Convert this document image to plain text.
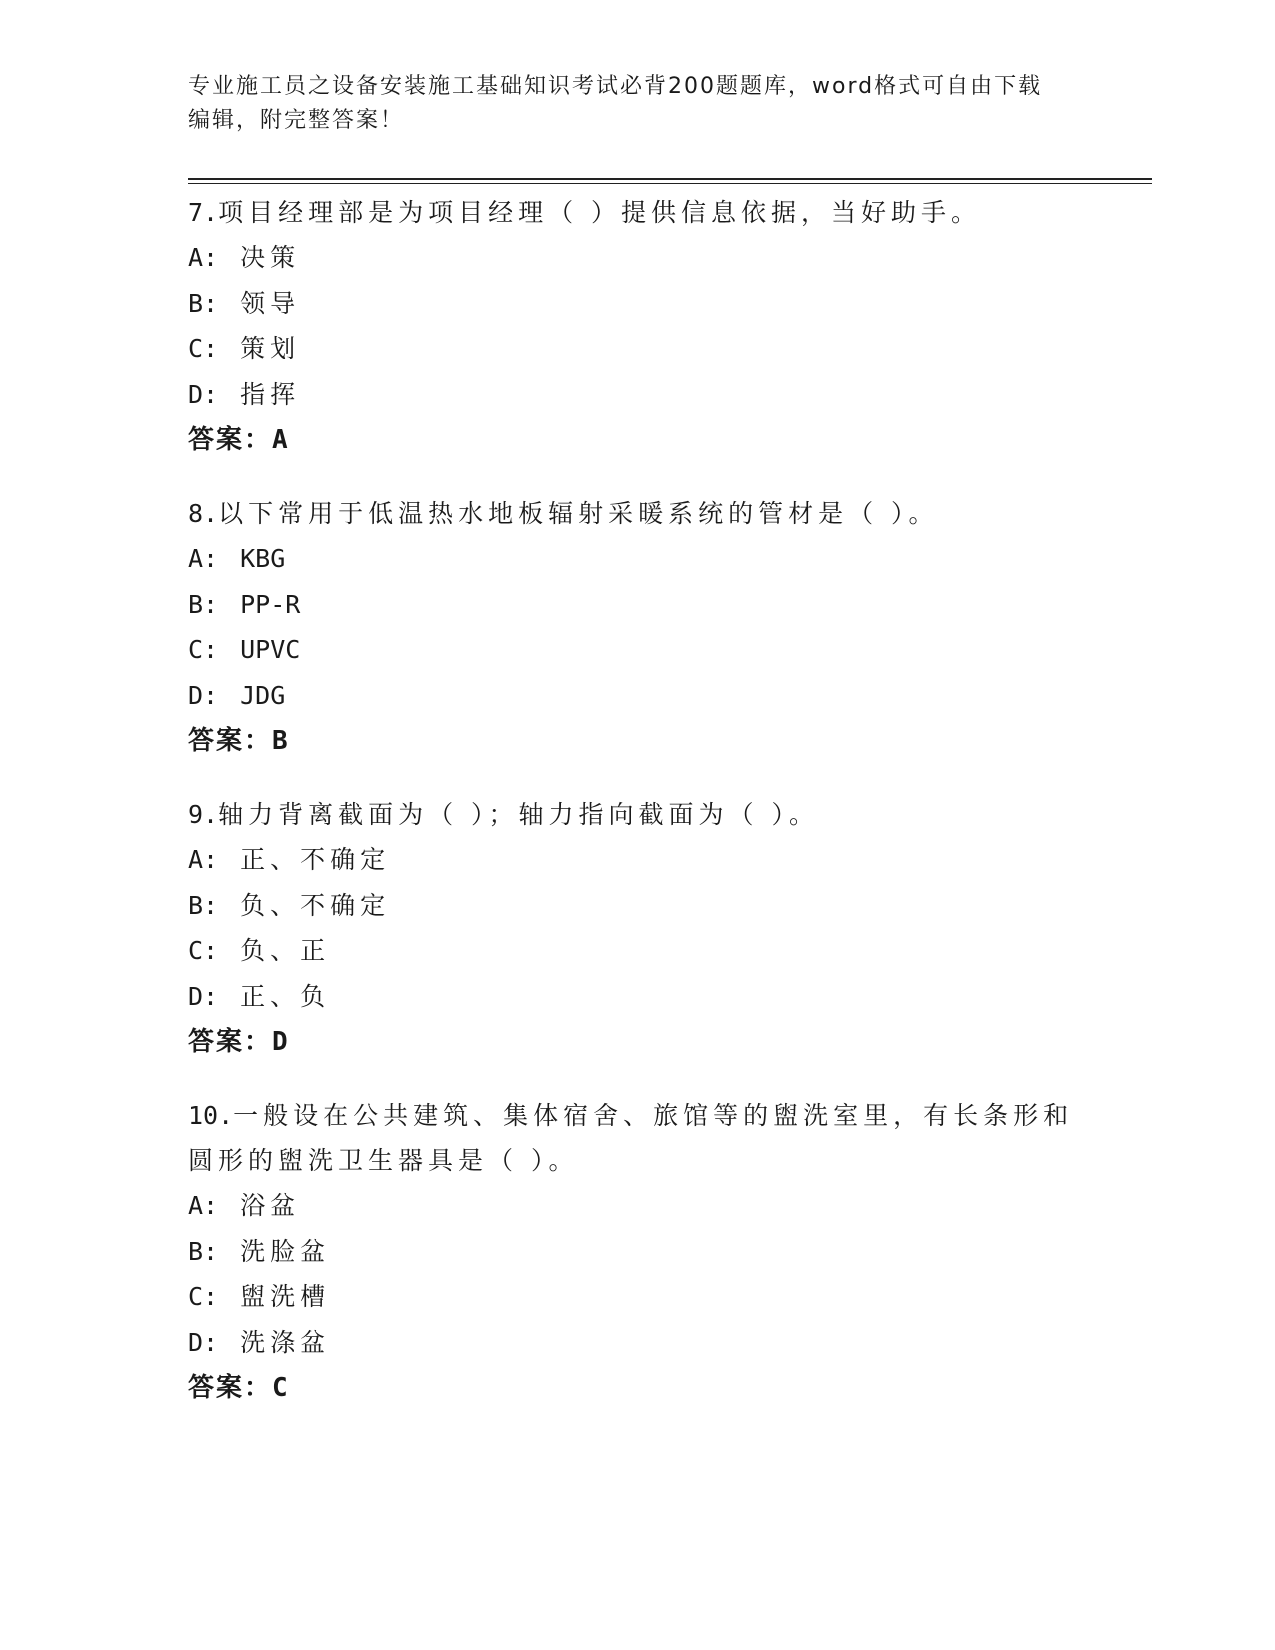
专业施工员之设备安装施工基础知识考试必背200题题库，word格式可自由下载
编辑，附完整答案！
7.项目经理部是为项目经理（ ）提供信息依据，当好助手。
A: 决策
B: 领导
C: 策划
D: 指挥
答案：A
8.以下常用于低温热水地板辐射采暖系统的管材是（ ）。
A: KBG
B: PP-R
C: UPVC
D: JDG
答案：B
9.轴力背离截面为（ ）；轴力指向截面为（ ）。
A: 正、不确定
B: 负、不确定
C: 负、正
D: 正、负
答案：D
10.一般设在公共建筑、集体宿舍、旅馆等的盥洗室里，有长条形和圆形的盥洗卫生器具是（ ）。
A: 浴盆
B: 洗脸盆
C: 盥洗槽
D: 洗涤盆
答案：C
